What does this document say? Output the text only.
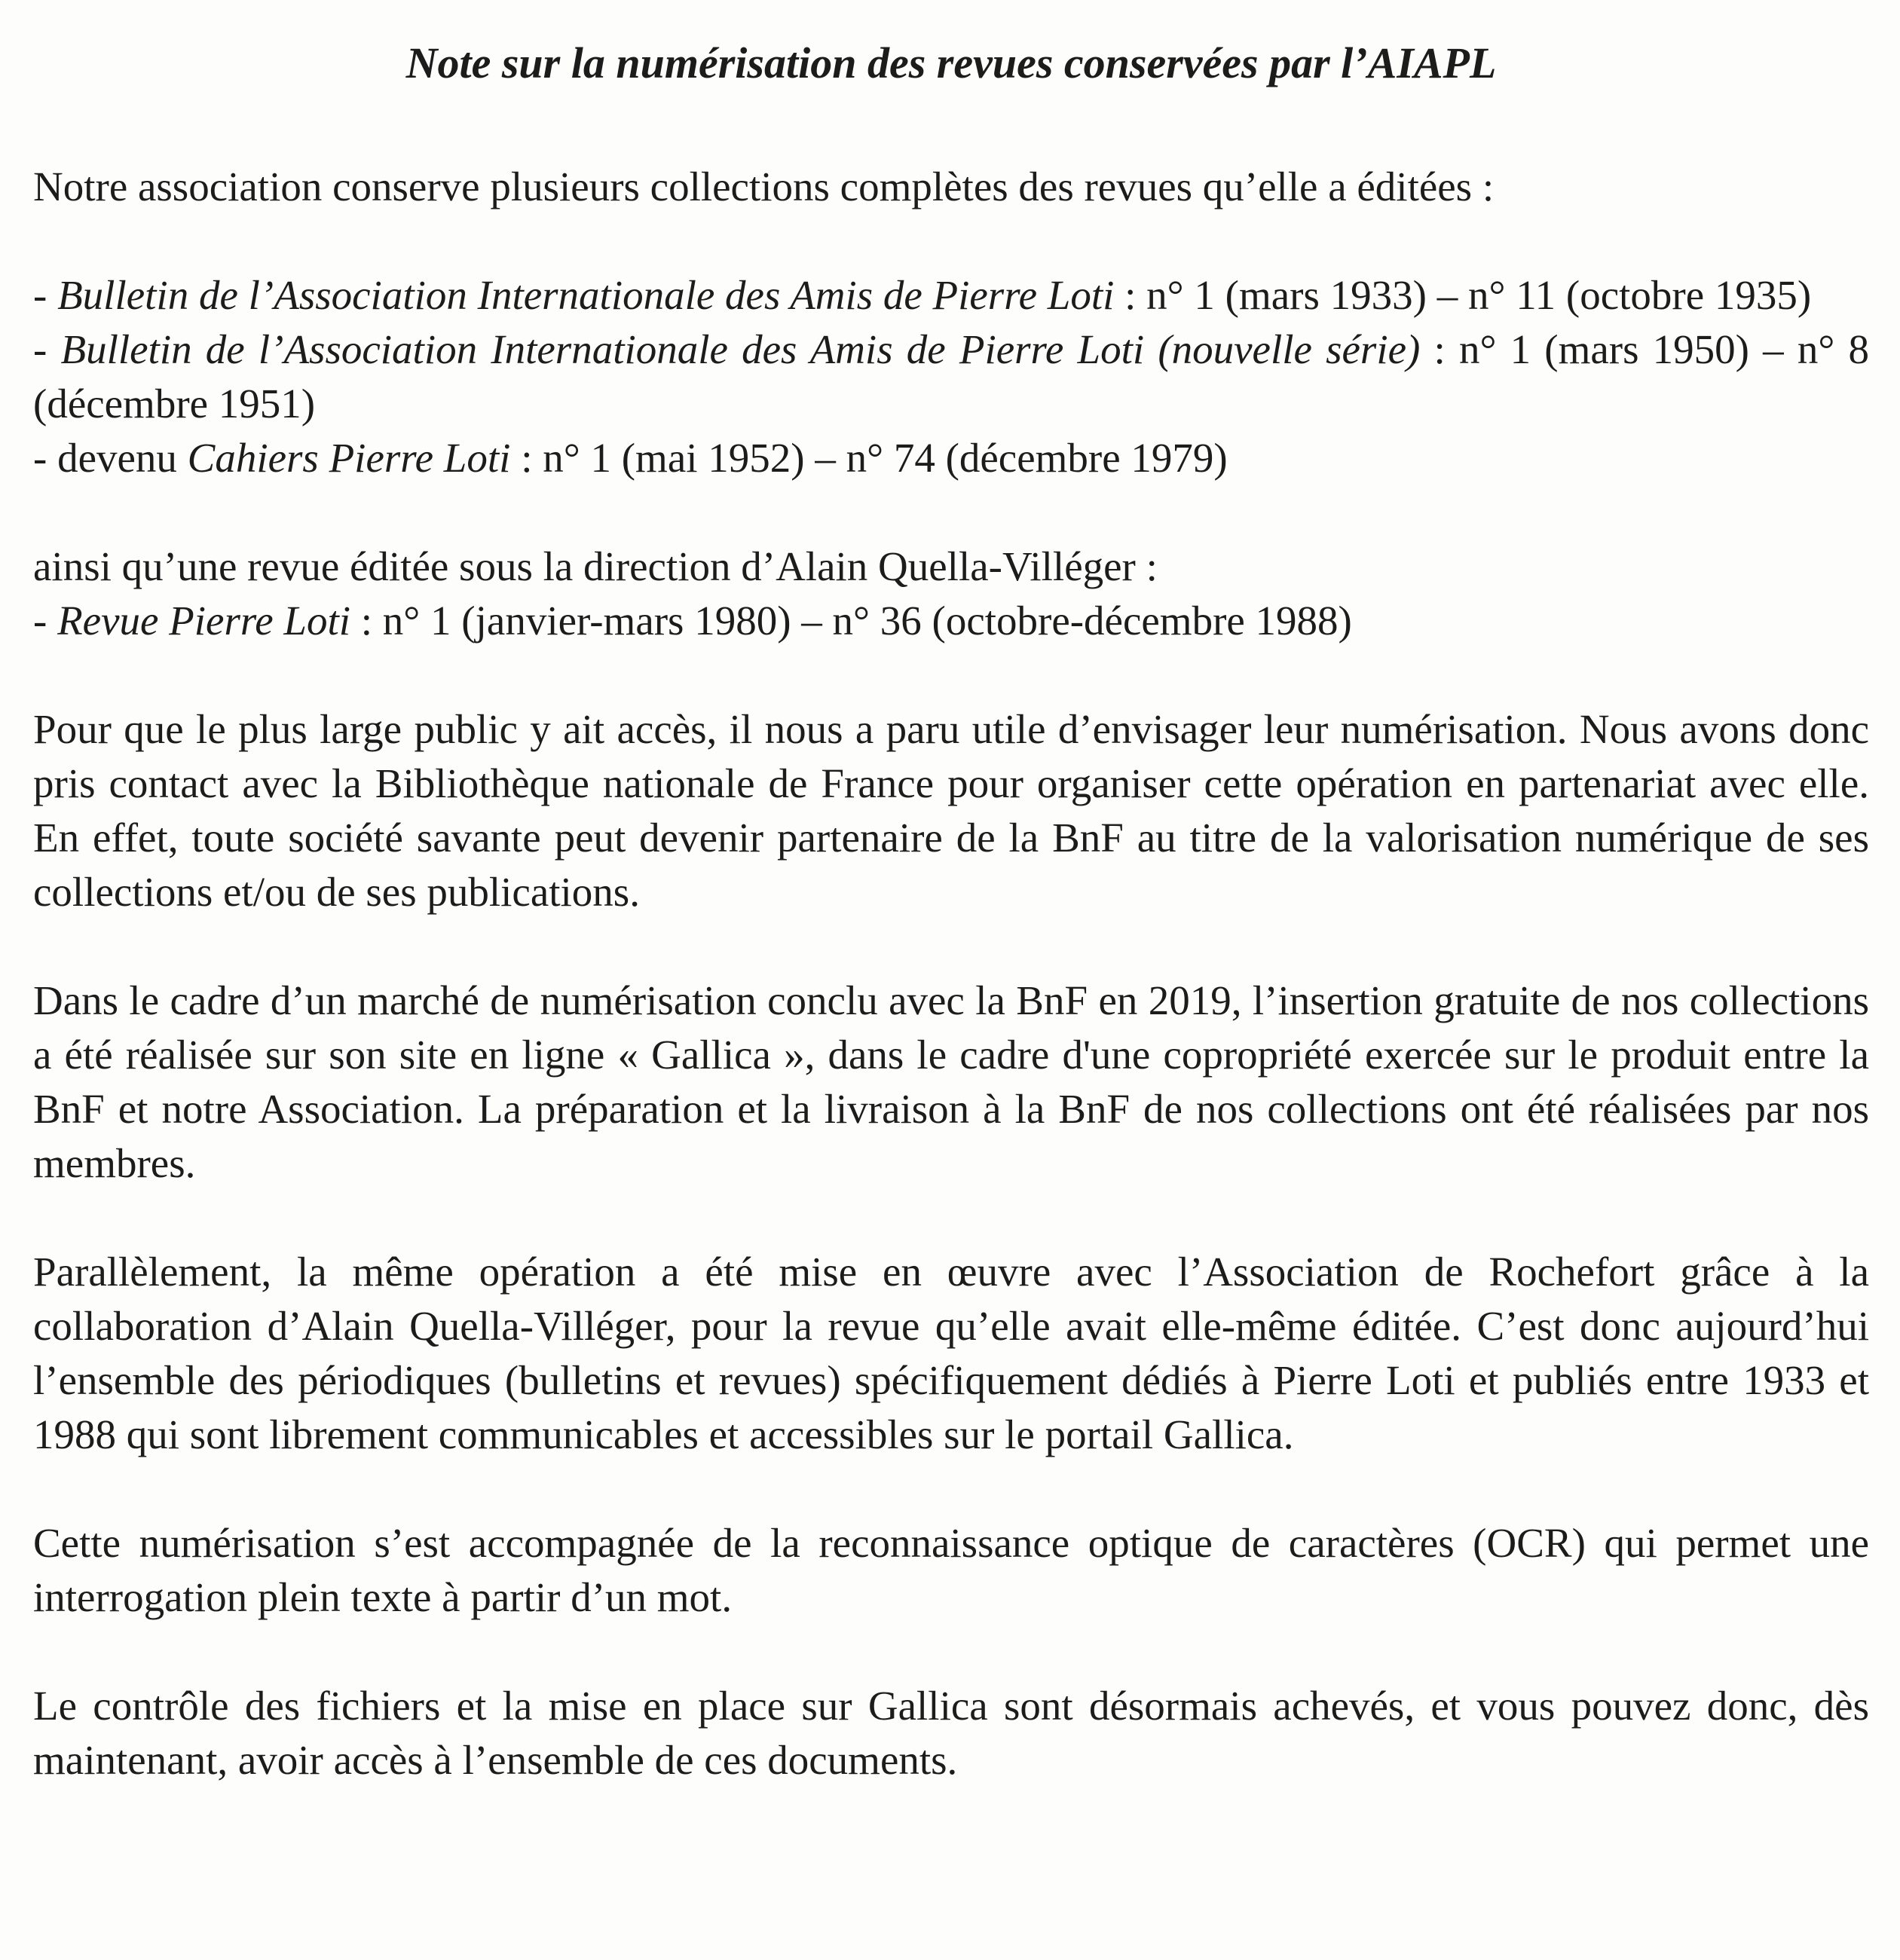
Note sur la numérisation des revues conservées par l’AIAPL

Notre association conserve plusieurs collections complètes des revues qu’elle a éditées :

- Bulletin de l’Association Internationale des Amis de Pierre Loti : n° 1 (mars 1933) – n° 11 (octobre 1935)

- Bulletin de l’Association Internationale des Amis de Pierre Loti (nouvelle série) : n° 1 (mars 1950) – n° 8 (décembre 1951)

- devenu Cahiers Pierre Loti : n° 1 (mai 1952) – n° 74 (décembre 1979)

ainsi qu’une revue éditée sous la direction d’Alain Quella-Villéger :

- Revue Pierre Loti : n° 1 (janvier-mars 1980) – n° 36 (octobre-décembre 1988)

Pour que le plus large public y ait accès, il nous a paru utile d’envisager leur numérisation. Nous avons donc pris contact avec la Bibliothèque nationale de France pour organiser cette opération en partenariat avec elle. En effet, toute société savante peut devenir partenaire de la BnF au titre de la valorisation numérique de ses collections et/ou de ses publications.

Dans le cadre d’un marché de numérisation conclu avec la BnF en 2019, l’insertion gratuite de nos collections a été réalisée sur son site en ligne « Gallica », dans le cadre d'une copropriété exercée sur le produit entre la BnF et notre Association. La préparation et la livraison à la BnF de nos collections ont été réalisées par nos membres.

Parallèlement, la même opération a été mise en œuvre avec l’Association de Rochefort grâce à la collaboration d’Alain Quella-Villéger, pour la revue qu’elle avait elle-même éditée. C’est donc aujourd’hui l’ensemble des périodiques (bulletins et revues) spécifiquement dédiés à Pierre Loti et publiés entre 1933 et 1988 qui sont librement communicables et accessibles sur le portail Gallica.

Cette numérisation s’est accompagnée de la reconnaissance optique de caractères (OCR) qui permet une interrogation plein texte à partir d’un mot.

Le contrôle des fichiers et la mise en place sur Gallica sont désormais achevés, et vous pouvez donc, dès maintenant, avoir accès à l’ensemble de ces documents.
